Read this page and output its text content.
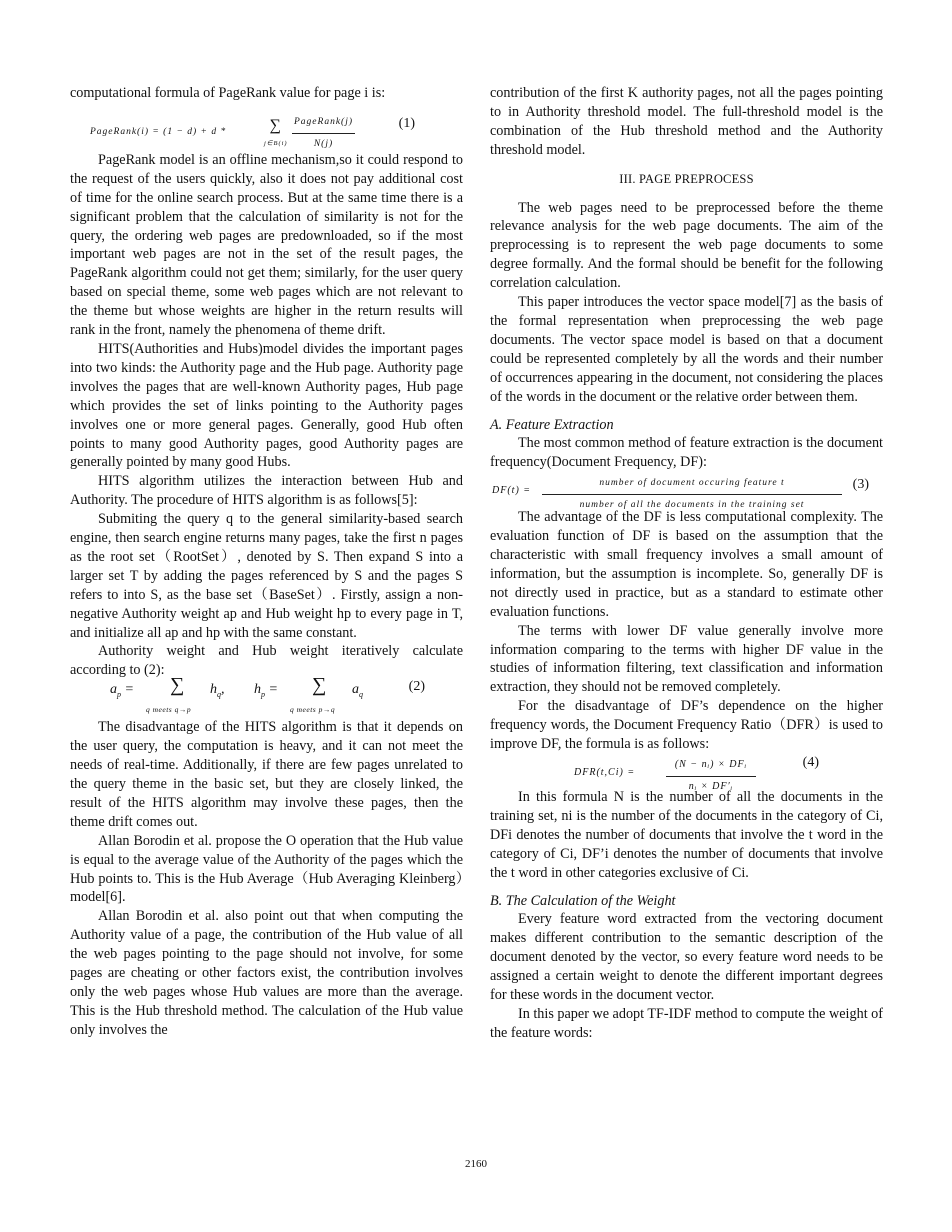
computational formula of PageRank value for page i is:

PageRank(i) = (1 − d) + d *	∑
$^{j\in B(i)}$
PageRank(j)
N(j)
(1)

PageRank model is an offline mechanism,so it could respond to the request of the users quickly, also it does not pay additional cost of time for the online search process. But at the same time there is a significant problem that the calculation of similarity is not for the query, the ordering web pages are predownloaded, so if the most important web pages are not in the set of the result pages, the PageRank algorithm could not get them; similarly, for the user query based on special theme, some web pages which are not relevant to the theme but whose weights are higher in the return results will rank in the front, namely the phenomena of theme drift.

HITS(Authorities and Hubs)model divides the important pages into two kinds: the Authority page and the Hub page. Authority page involves the pages that are well-known Authority pages, Hub page which provides the set of links pointing to the Authority pages involves one or more general pages. Generally, good Hub often points to many good Authority pages, good Authority pages are generally pointed by many good Hubs.

HITS algorithm utilizes the interaction between Hub and Authority. The procedure of HITS algorithm is as follows[5]:

Submiting the query q to the general similarity-based search engine, then search engine returns many pages, take the first n pages as the root set（RootSet）, denoted by S. Then expand S into a larger set T by adding the pages referenced by S and the pages S refers to into S, as the base set（BaseSet）. Firstly, assign a non-negative Authority weight ap and Hub weight hp to every page in T, and initialize all ap and hp with the same constant.

Authority weight and Hub weight iteratively calculate according to (2):

$a_p$ = ∑
q meets q→p
$h_q$, $h_p$ = ∑
q meets p→q
$a_q$
(2)

The disadvantage of the HITS algorithm is that it depends on the user query, the computation is heavy, and it can not meet the needs of real-time. Additionally, if there are few pages unrelated to the query theme in the basic set, but they are closely linked, the result of the HITS algorithm may involve these pages, then the theme drift comes out.

Allan Borodin et al. propose the O operation that the Hub value is equal to the average value of the Authority of the pages which the Hub points to. This is the Hub Average（Hub Averaging Kleinberg）model[6].

Allan Borodin et al. also point out that when computing the Authority value of a page, the contribution of the Hub value of all the web pages pointing to the page should not involve, for some pages are cheating or other factors exist, the contribution involves only the web pages whose Hub values are more than the average. This is the Hub threshold method. The calculation of the Hub value only involves the

contribution of the first K authority pages, not all the pages pointing to in Authority threshold model. The full-threshold model is the combination of the Hub threshold method and the Authority threshold model.

III. PAGE PREPROCESS

The web pages need to be preprocessed before the theme relevance analysis for the web page documents. The aim of the preprocessing is to represent the web page documents to some degree formally. And the formal should be benefit for the following correlation calculation.

This paper introduces the vector space model[7] as the basis of the formal representation when preprocessing the web page documents. The vector space model is based on that a document could be represented completely by all the words and their number of occurrences appearing in the document, not considering the places of the words in the document or the relative order between them.

A. Feature Extraction

The most common method of feature extraction is the document frequency(Document Frequency, DF):

DF(t) =
number of document occuring feature t
number of all the documents in the training set
(3)

The advantage of the DF is less computational complexity. The evaluation function of DF is based on the assumption that the characteristic with small frequency involves a small amount of information, but the assumption is incomplete. So, generally DF is not directly used in practice, but as a standard to estimate other evaluation functions.

The terms with lower DF value generally involve more information comparing to the terms with higher DF value in the studies of information filtering, text classification and information extraction, they should not be removed completely.

For the disadvantage of DF’s dependence on the higher frequency words, the Document Frequency Ratio（DFR）is used to improve DF, the formula is as follows:

DFR(t,Ci) =
(N − nᵢ) × DFᵢ
nᵢ × DF′ᵢ
(4)

In this formula N is the number of all the documents in the training set, ni is the number of the documents in the category of Ci, DFi denotes the number of documents that involve the t word in the category of Ci, DF’i denotes the number of documents that involve the t word in other categories exclusive of Ci.

B. The Calculation of the Weight

Every feature word extracted from the vectoring document makes different contribution to the semantic description of the document denoted by the vector, so every feature word needs to be assigned a certain weight to denote the different important degrees for these words in the document vector.

In this paper we adopt TF-IDF method to compute the weight of the feature words:

2160
